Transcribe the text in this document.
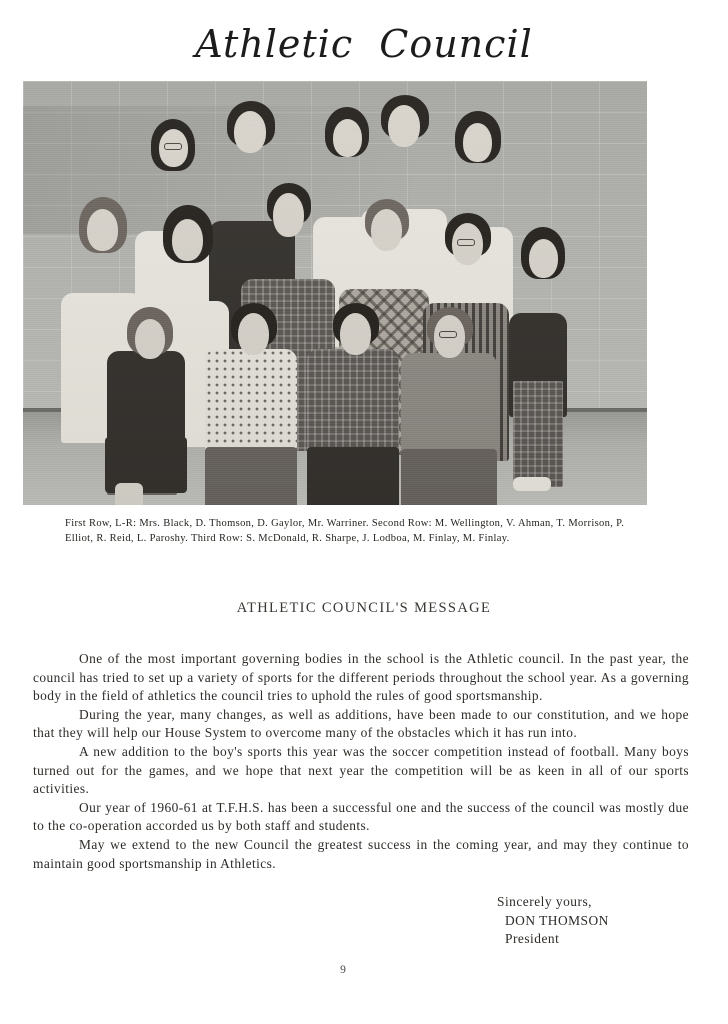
Athletic  Council
First Row, L-R: Mrs. Black, D. Thomson, D. Gaylor, Mr. Warriner. Second Row: M. Wellington, V. Ahman, T. Morrison, P. Elliot, R. Reid, L. Paroshy. Third Row: S. McDonald, R. Sharpe, J. Lodboa, M. Finlay, M. Finlay.
ATHLETIC COUNCIL'S MESSAGE

One of the most important governing bodies in the school is the Athletic council. In the past year, the council has tried to set up a variety of sports for the different periods throughout the school year. As a governing body in the field of athletics the council tries to uphold the rules of good sportsmanship.

During the year, many changes, as well as additions, have been made to our constitution, and we hope that they will help our House System to overcome many of the obstacles which it has run into.

A new addition to the boy's sports this year was the soccer competition instead of football. Many boys turned out for the games, and we hope that next year the competition will be as keen in all of our sports activities.

Our year of 1960-61 at T.F.H.S. has been a successful one and the success of the council was mostly due to the co-operation accorded us by both staff and students.

May we extend to the new Council the greatest success in the coming year, and may they continue to maintain good sportsmanship in Athletics.

Sincerely yours,
DON THOMSON
President
9
